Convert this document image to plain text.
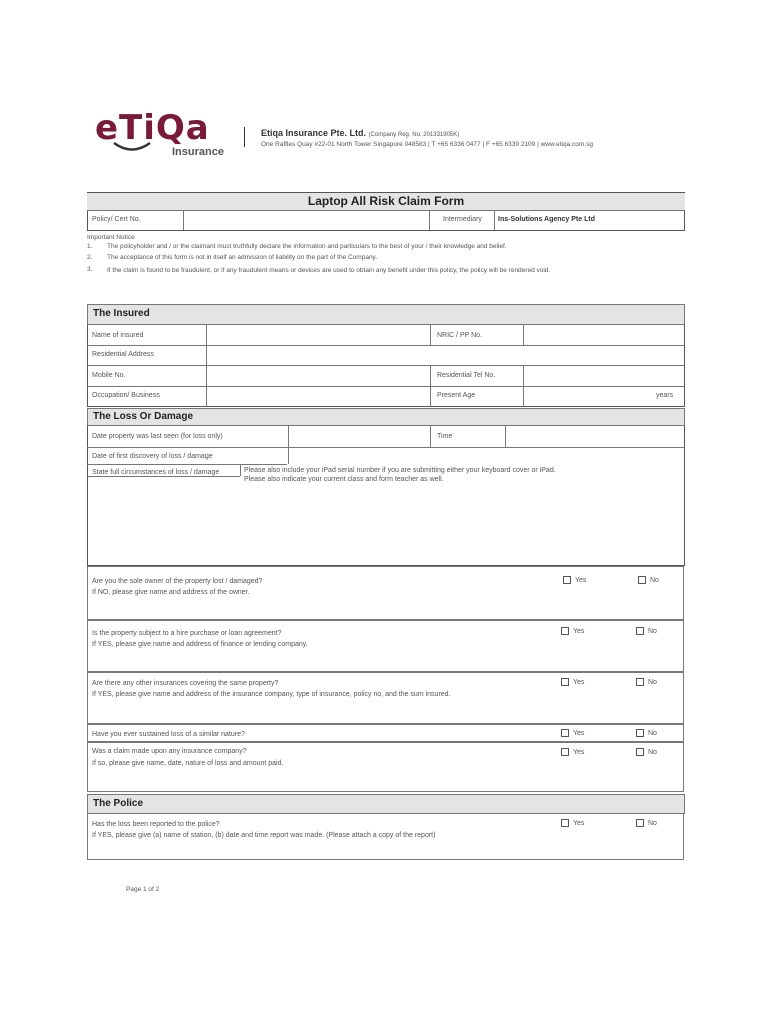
eTiQa
Insurance
Etiqa Insurance Pte. Ltd. (Company Reg. No. 201331905K)
One Raffles Quay #22-01 North Tower Singapore 048583 | T +65 6336 0477 | F +65 6339 2109 | www.etiqa.com.sg
Laptop All Risk Claim Form
Policy/ Cert No.	Intermediary Ins-Solutions Agency Pte Ltd
Important Notice
1. The policyholder and / or the claimant must truthfully declare the information and particulars to the best of your / their knowledge and belief.
2. The acceptance of this form is not in itself an admission of liability on the part of the Company.
3. If the claim is found to be fraudulent, or if any fraudulent means or devices are used to obtain any benefit under this policy, the policy will be rendered void.
The Insured
Name of insured	NRIC / PP No.
Residential Address
Mobile No.	Residential Tel No.
Occupation/ Business	Present Age	years
The Loss Or Damage
Date property was last seen (for loss only)	Time
Date of first discovery of loss / damage
State full circumstances of loss / damage	Please also include your iPad serial number if you are submitting either your keyboard cover or iPad.
Please also indicate your current class and form teacher as well.
Are you the sole owner of the property lost / damaged?
If NO, please give name and address of the owner.
Is the property subject to a hire purchase or loan agreement?
If YES, please give name and address of finance or lending company.
Are there any other insurances covering the same property?
If YES, please give name and address of the insurance company, type of insurance, policy no, and the sum insured.
Have you ever sustained loss of a similar nature?
Was a claim made upon any insurance company?
If so, please give name, date, nature of loss and amount paid.
Yes	No
Yes	No
Yes	No
Yes	No
Yes	No
The Police
Has the loss been reported to the police?
If YES, please give (a) name of station, (b) date and time report was made. (Please attach a copy of the report)
Yes	No
Page 1 of 2
